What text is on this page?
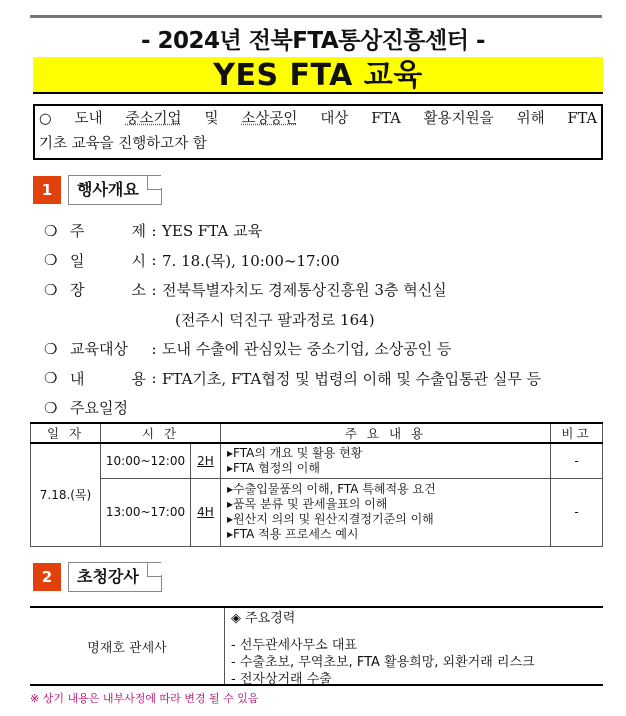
- 2024년 전북FTA통상진흥센터 -
YES FTA 교육
○ 도내 중소기업 및 소상공인 대상 FTA 활용지원을 위해 FTA
기초 교육을 진행하고자 함
1	행사개요
❍ 주	제 : YES FTA 교육
❍ 일	시 : 7. 18.(목), 10:00~17:00
❍ 장	소 : 전북특별자치도 경제통상진흥원 3층 혁신실
(전주시 덕진구 팔과정로 164)
❍ 교육대상	: 도내 수출에 관심있는 중소기업, 소상공인 등
❍ 내	용 : FTA기초, FTA협정 및 법령의 이해 및 수출입통관 실무 등
❍ 주요일정
일 자	시 간		주 요 내 용	비고
7.18.(목)	10:00~12:00	2H	▸FTA의 개요 및 활용 현황
▸FTA 협정의 이해	-
	13:00~17:00	4H	▸수출입물품의 이해, FTA 특혜적용 요건
▸품목 분류 및 관세율표의 이해
▸원산지 의의 및 원산지결정기준의 이해
▸FTA 적용 프로세스 예시	-
2	초청강사
명재호 관세사
◈ 주요경력
- 선두관세사무소 대표
- 수출초보, 무역초보, FTA 활용희망, 외환거래 리스크
- 전자상거래 수출
※ 상기 내용은 내부사정에 따라 변경 될 수 있음
